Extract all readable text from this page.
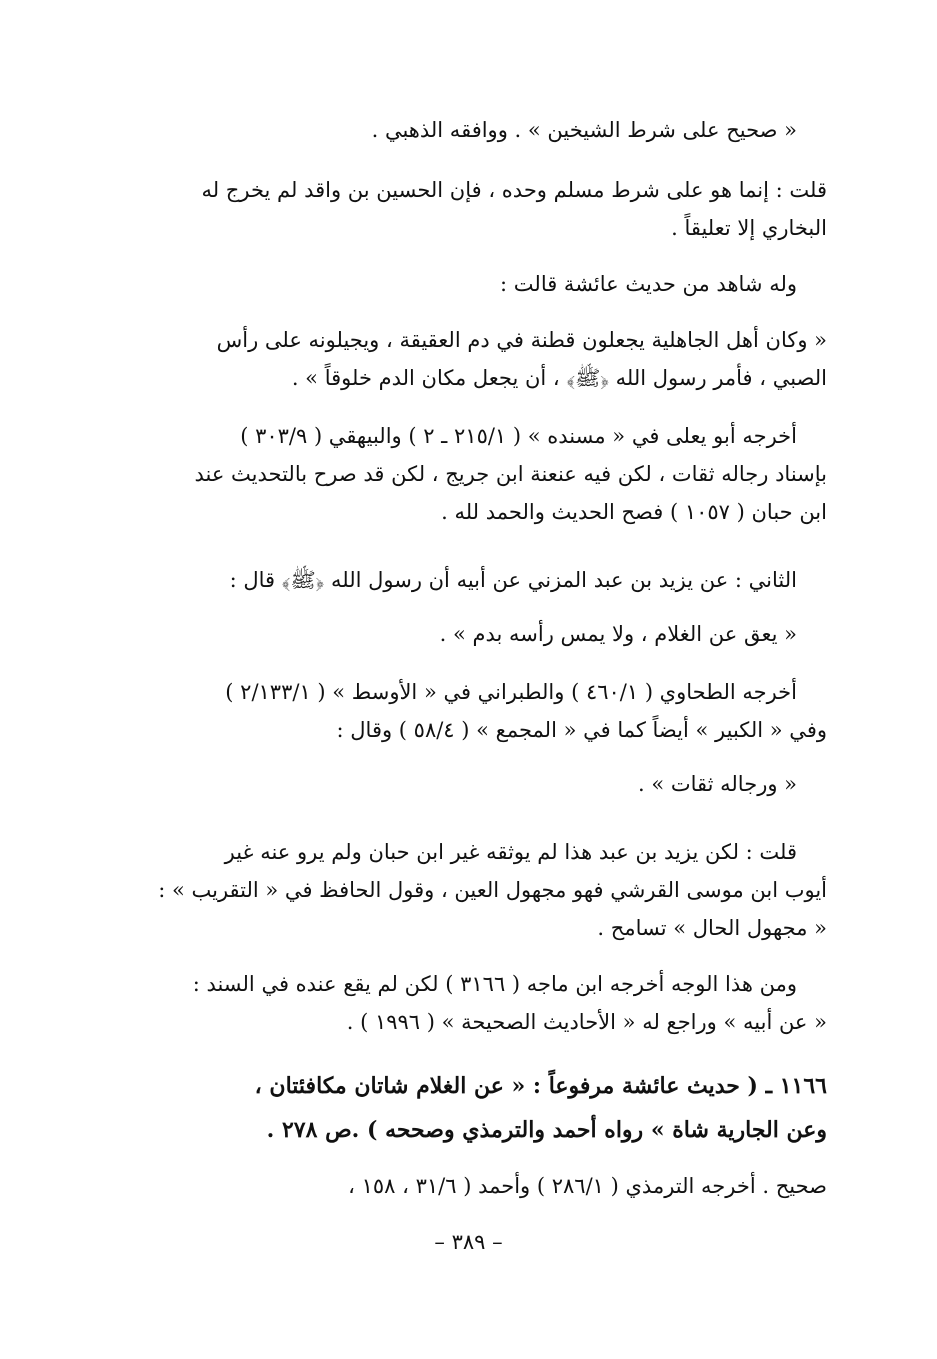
« صحيح على شرط الشيخين » . ووافقه الذهبي .
قلت : إنما هو على شرط مسلم وحده ، فإن الحسين بن واقد لم يخرج له
البخاري إلا تعليقاً .
وله شاهد من حديث عائشة قالت :
« وكان أهل الجاهلية يجعلون قطنة في دم العقيقة ، ويجيلونه على رأس
الصبي ، فأمر رسول الله ﴿ﷺ﴾ ، أن يجعل مكان الدم خلوقاً » .
أخرجه أبو يعلى في « مسنده » ( ٢١٥/١ ـ ٢ ) والبيهقي ( ٣٠٣/٩ )
بإسناد رجاله ثقات ، لكن فيه عنعنة ابن جريج ، لكن قد صرح بالتحديث عند
ابن حبان ( ١٠٥٧ ) فصح الحديث والحمد لله .
الثاني : عن يزيد بن عبد المزني عن أبيه أن رسول الله ﴿ﷺ﴾ قال :
« يعق عن الغلام ، ولا يمس رأسه بدم » .
أخرجه الطحاوي ( ٤٦٠/١ ) والطبراني في « الأوسط » ( ٢/١٣٣/١ )
وفي « الكبير » أيضاً كما في « المجمع » ( ٥٨/٤ ) وقال :
« ورجاله ثقات » .
قلت : لكن يزيد بن عبد هذا لم يوثقه غير ابن حبان ولم يرو عنه غير
أيوب ابن موسى القرشي فهو مجهول العين ، وقول الحافظ في « التقريب » :
« مجهول الحال » تسامح .
ومن هذا الوجه أخرجه ابن ماجه ( ٣١٦٦ ) لكن لم يقع عنده في السند :
« عن أبيه » وراجع له « الأحاديث الصحيحة » ( ١٩٩٦ ) .
١١٦٦ ـ ( حديث عائشة مرفوعاً : « عن الغلام شاتان مكافئتان ،
وعن الجارية شاة » رواه أحمد والترمذي وصححه ) .ص ٢٧٨ .
صحيح . أخرجه الترمذي ( ٢٨٦/١ ) وأحمد ( ٣١/٦ ، ١٥٨ ،
– ٣٨٩ –
